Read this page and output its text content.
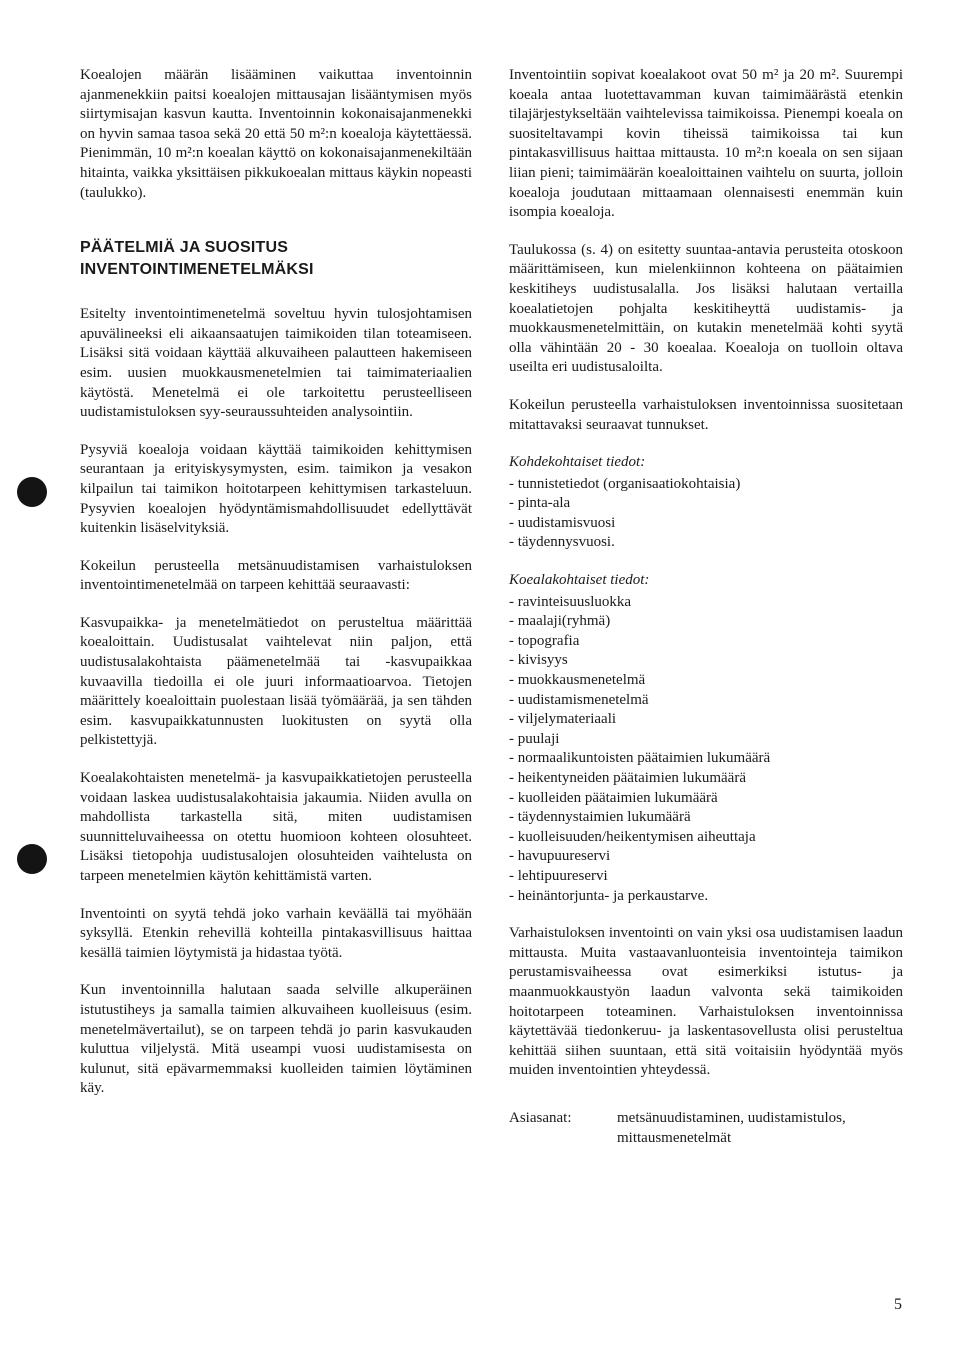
Koealojen määrän lisääminen vaikuttaa inventoinnin ajanmenekkiin paitsi koealojen mittausajan lisääntymisen myös siirtymisajan kasvun kautta. Inventoinnin kokonaisajanmenekki on hyvin samaa tasoa sekä 20 että 50 m²:n koealoja käytettäessä. Pienimmän, 10 m²:n koealan käyttö on kokonaisajanmenekiltään hitainta, vaikka yksittäisen pikkukoealan mittaus käykin nopeasti (taulukko).

PÄÄTELMIÄ JA SUOSITUS INVENTOINTIMENETELMÄKSI

Esitelty inventointimenetelmä soveltuu hyvin tulosjohtamisen apuvälineeksi eli aikaansaatujen taimikoiden tilan toteamiseen. Lisäksi sitä voidaan käyttää alkuvaiheen palautteen hakemiseen esim. uusien muokkausmenetelmien tai taimimateriaalien käytöstä. Menetelmä ei ole tarkoitettu perusteelliseen uudistamistuloksen syy-seuraussuhteiden analysointiin.

Pysyviä koealoja voidaan käyttää taimikoiden kehittymisen seurantaan ja erityiskysymysten, esim. taimikon ja vesakon kilpailun tai taimikon hoitotarpeen kehittymisen tarkasteluun. Pysyvien koealojen hyödyntämismahdollisuudet edellyttävät kuitenkin lisäselvityksiä.

Kokeilun perusteella metsänuudistamisen varhaistuloksen inventointimenetelmää on tarpeen kehittää seuraavasti:

Kasvupaikka- ja menetelmätiedot on perusteltua määrittää koealoittain. Uudistusalat vaihtelevat niin paljon, että uudistusalakohtaista päämenetelmää tai -kasvupaikkaa kuvaavilla tiedoilla ei ole juuri informaatioarvoa. Tietojen määrittely koealoittain puolestaan lisää työmäärää, ja sen tähden esim. kasvupaikkatunnusten luokitusten on syytä olla pelkistettyjä.

Koealakohtaisten menetelmä- ja kasvupaikkatietojen perusteella voidaan laskea uudistusalakohtaisia jakaumia. Niiden avulla on mahdollista tarkastella sitä, miten uudistamisen suunnitteluvaiheessa on otettu huomioon kohteen olosuhteet. Lisäksi tietopohja uudistusalojen olosuhteiden vaihtelusta on tarpeen menetelmien käytön kehittämistä varten.

Inventointi on syytä tehdä joko varhain keväällä tai myöhään syksyllä. Etenkin rehevillä kohteilla pintakasvillisuus haittaa kesällä taimien löytymistä ja hidastaa työtä.

Kun inventoinnilla halutaan saada selville alkuperäinen istutustiheys ja samalla taimien alkuvaiheen kuolleisuus (esim. menetelmävertailut), se on tarpeen tehdä jo parin kasvukauden kuluttua viljelystä. Mitä useampi vuosi uudistamisesta on kulunut, sitä epävarmemmaksi kuolleiden taimien löytäminen käy.

Inventointiin sopivat koealakoot ovat 50 m² ja 20 m². Suurempi koeala antaa luotettavamman kuvan taimimäärästä etenkin tilajärjestykseltään vaihtelevissa taimikoissa. Pienempi koeala on suositeltavampi kovin tiheissä taimikoissa tai kun pintakasvillisuus haittaa mittausta. 10 m²:n koeala on sen sijaan liian pieni; taimimäärän koealoittainen vaihtelu on suurta, jolloin koealoja joudutaan mittaamaan olennaisesti enemmän kuin isompia koealoja.

Taulukossa (s. 4) on esitetty suuntaa-antavia perusteita otoskoon määrittämiseen, kun mielenkiinnon kohteena on päätaimien keskitiheys uudistusalalla. Jos lisäksi halutaan vertailla koealatietojen pohjalta keskitiheyttä uudistamis- ja muokkausmenetelmittäin, on kutakin menetelmää kohti syytä olla vähintään 20 - 30 koealaa. Koealoja on tuolloin oltava useilta eri uudistusaloilta.

Kokeilun perusteella varhaistuloksen inventoinnissa suositetaan mitattavaksi seuraavat tunnukset.

Kohdekohtaiset tiedot:
- tunnistetiedot (organisaatiokohtaisia)
- pinta-ala
- uudistamisvuosi
- täydennysvuosi.
Koealakohtaiset tiedot:
- ravinteisuusluokka
- maalaji(ryhmä)
- topografia
- kivisyys
- muokkausmenetelmä
- uudistamismenetelmä
- viljelymateriaali
- puulaji
- normaalikuntoisten päätaimien lukumäärä
- heikentyneiden päätaimien lukumäärä
- kuolleiden päätaimien lukumäärä
- täydennystaimien lukumäärä
- kuolleisuuden/heikentymisen aiheuttaja
- havupuureservi
- lehtipuureservi
- heinäntorjunta- ja perkaustarve.

Varhaistuloksen inventointi on vain yksi osa uudistamisen laadun mittausta. Muita vastaavanluonteisia inventointeja taimikon perustamisvaiheessa ovat esimerkiksi istutus- ja maanmuokkaustyön laadun valvonta sekä taimikoiden hoitotarpeen toteaminen. Varhaistuloksen inventoinnissa käytettävää tiedonkeruu- ja laskentasovellusta olisi perusteltua kehittää siihen suuntaan, että sitä voitaisiin hyödyntää myös muiden inventointien yhteydessä.

Asiasanat:	metsänuudistaminen, uudistamistulos, mittausmenetelmät
5
